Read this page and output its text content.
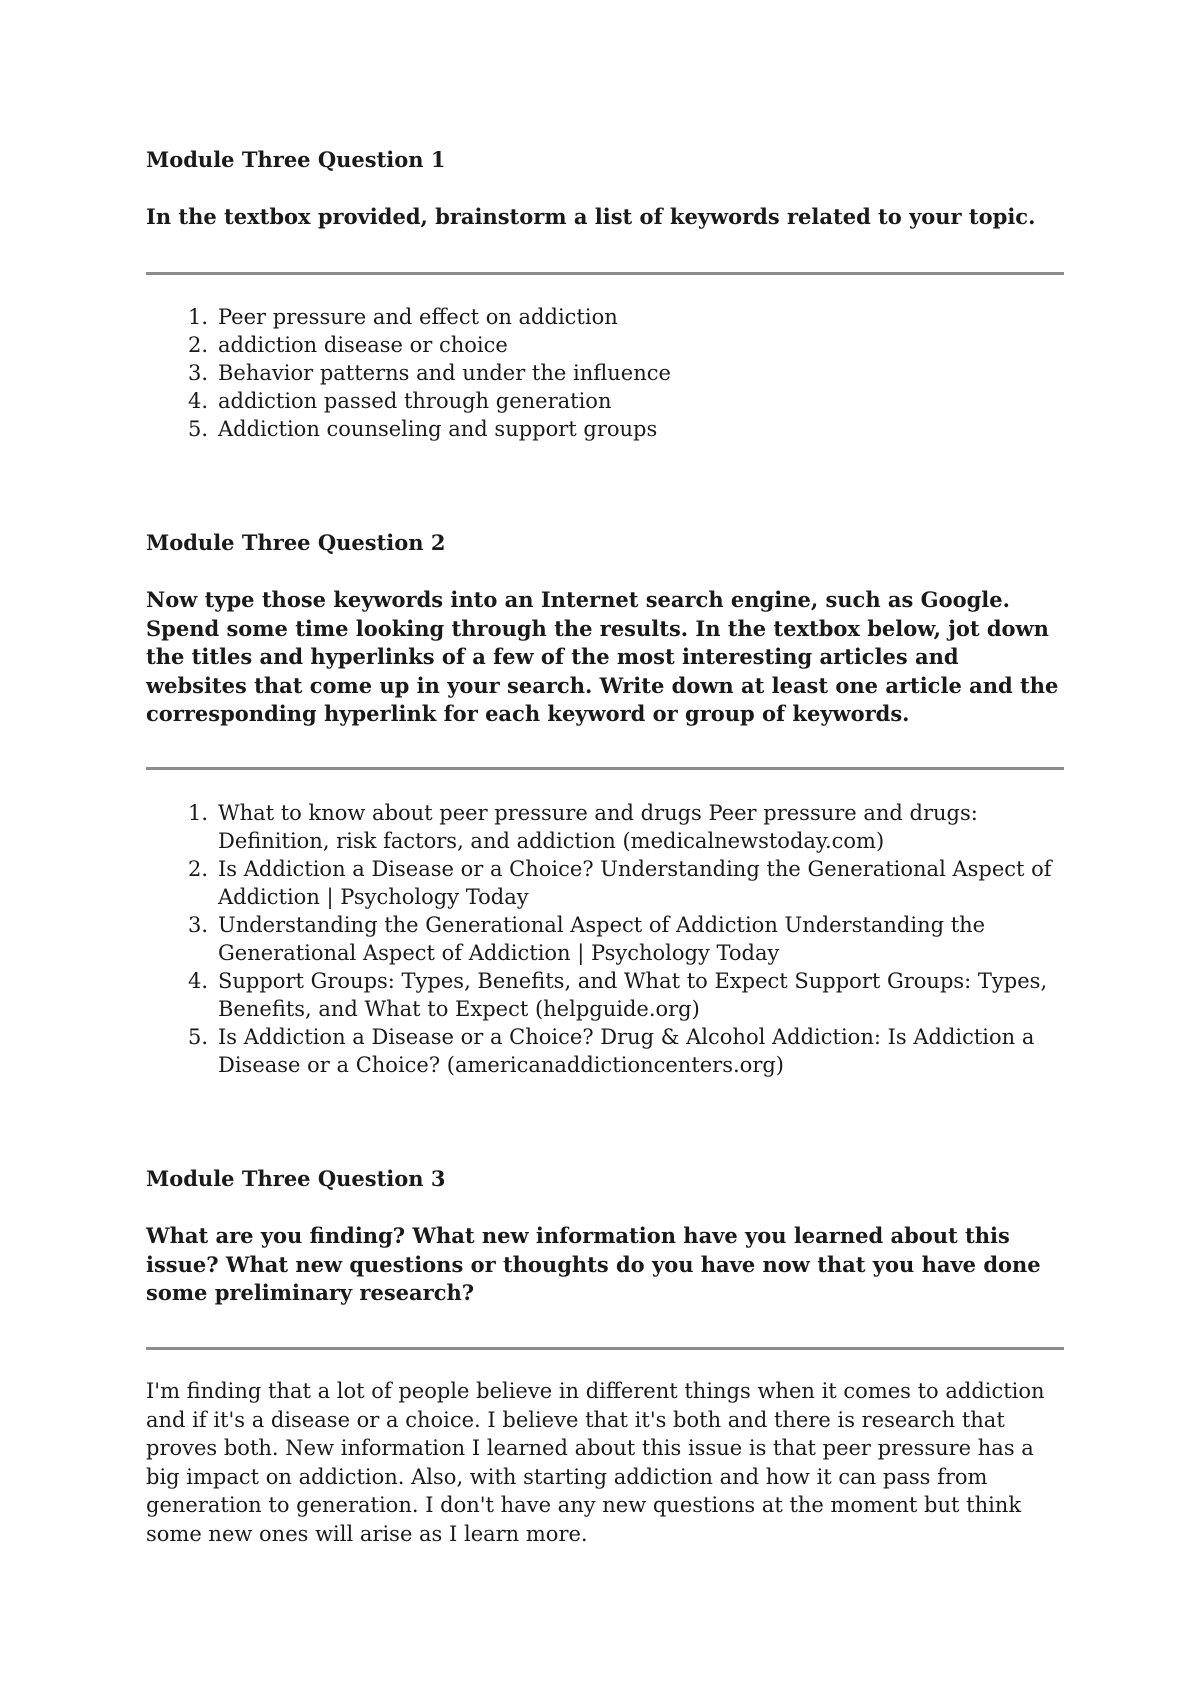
Module Three Question 1

In the textbox provided, brainstorm a list of keywords related to your topic.

1. Peer pressure and effect on addiction
2. addiction disease or choice
3. Behavior patterns and under the influence
4. addiction passed through generation
5. Addiction counseling and support groups

Module Three Question 2

Now type those keywords into an Internet search engine, such as Google. Spend some time looking through the results. In the textbox below, jot down the titles and hyperlinks of a few of the most interesting articles and websites that come up in your search. Write down at least one article and the corresponding hyperlink for each keyword or group of keywords.

1. What to know about peer pressure and drugs Peer pressure and drugs: Definition, risk factors, and addiction (medicalnewstoday.com)
2. Is Addiction a Disease or a Choice? Understanding the Generational Aspect of Addiction | Psychology Today
3. Understanding the Generational Aspect of Addiction Understanding the Generational Aspect of Addiction | Psychology Today
4. Support Groups: Types, Benefits, and What to Expect Support Groups: Types, Benefits, and What to Expect (helpguide.org)
5. Is Addiction a Disease or a Choice? Drug & Alcohol Addiction: Is Addiction a Disease or a Choice? (americanaddictioncenters.org)

Module Three Question 3

What are you finding? What new information have you learned about this issue? What new questions or thoughts do you have now that you have done some preliminary research?

I'm finding that a lot of people believe in different things when it comes to addiction and if it's a disease or a choice. I believe that it's both and there is research that proves both. New information I learned about this issue is that peer pressure has a big impact on addiction. Also, with starting addiction and how it can pass from generation to generation. I don't have any new questions at the moment but think some new ones will arise as I learn more.
